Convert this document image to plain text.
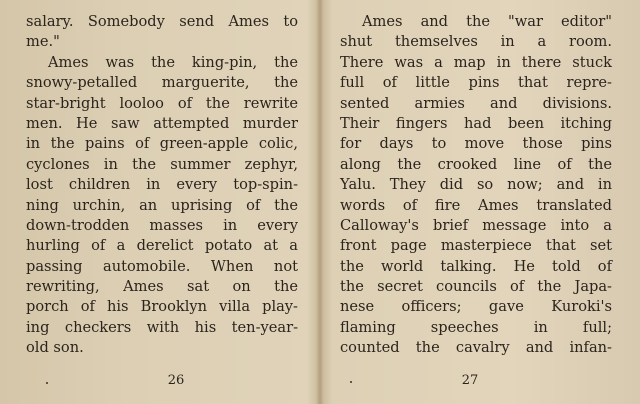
salary. Somebody send Ames to
me."
Ames was the king-pin, the
snowy-petalled marguerite, the
star-bright looloo of the rewrite
men. He saw attempted murder
in the pains of green-apple colic,
cyclones in the summer zephyr,
lost children in every top-spin-
ning urchin, an uprising of the
down-trodden masses in every
hurling of a derelict potato at a
passing automobile. When not
rewriting, Ames sat on the
porch of his Brooklyn villa play-
ing checkers with his ten-year-
old son.
26
Ames and the "war editor"
shut themselves in a room.
There was a map in there stuck
full of little pins that repre-
sented armies and divisions.
Their fingers had been itching
for days to move those pins
along the crooked line of the
Yalu. They did so now; and in
words of fire Ames translated
Calloway's brief message into a
front page masterpiece that set
the world talking. He told of
the secret councils of the Japa-
nese officers; gave Kuroki's
flaming speeches in full;
counted the cavalry and infan-
27
